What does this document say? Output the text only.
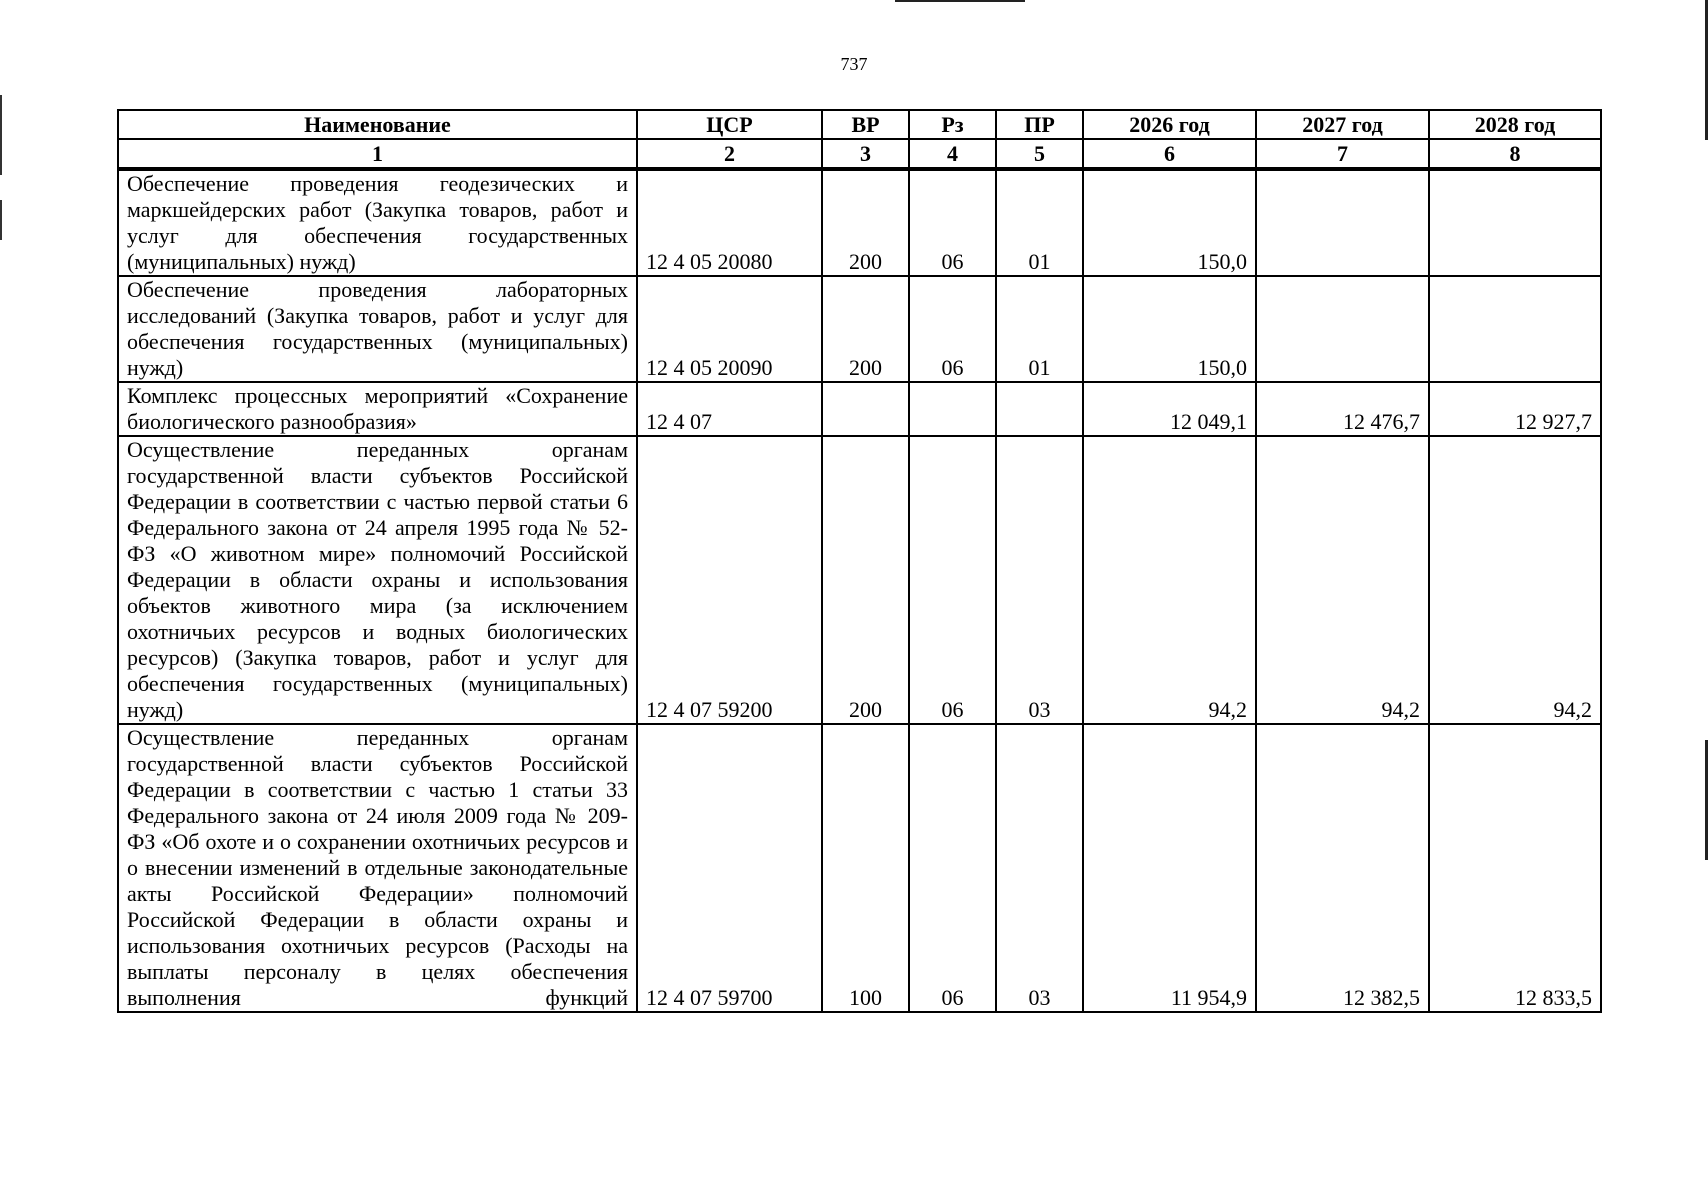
737
Наименование	ЦСР	ВР	Рз	ПР	2026 год	2027 год	2028 год
1	2	3	4	5	6	7	8
Обеспечение проведения геодезических и маркшейдерских работ (Закупка товаров, работ и услуг для обеспечения государственных (муниципальных) нужд)	12 4 05 20080	200	06	01	150,0		
Обеспечение проведения лабораторных исследований (Закупка товаров, работ и услуг для обеспечения государственных (муниципальных) нужд)	12 4 05 20090	200	06	01	150,0		
Комплекс процессных мероприятий «Сохранение биологического разнообразия»	12 4 07				12 049,1	12 476,7	12 927,7
Осуществление переданных органам государственной власти субъектов Российской Федерации в соответствии с частью первой статьи 6 Федерального закона от 24 апреля 1995 года № 52-ФЗ «О животном мире» полномочий Российской Федерации в области охраны и использования объектов животного мира (за исключением охотничьих ресурсов и водных биологических ресурсов) (Закупка товаров, работ и услуг для обеспечения государственных (муниципальных) нужд)	12 4 07 59200	200	06	03	94,2	94,2	94,2
Осуществление переданных органам государственной власти субъектов Российской Федерации в соответствии с частью 1 статьи 33 Федерального закона от 24 июля 2009 года № 209-ФЗ «Об охоте и о сохранении охотничьих ресурсов и о внесении изменений в отдельные законодательные акты Российской Федерации» полномочий Российской Федерации в области охраны и использования охотничьих ресурсов (Расходы на выплаты персоналу в целях обеспечения выполнения функций	12 4 07 59700	100	06	03	11 954,9	12 382,5	12 833,5
